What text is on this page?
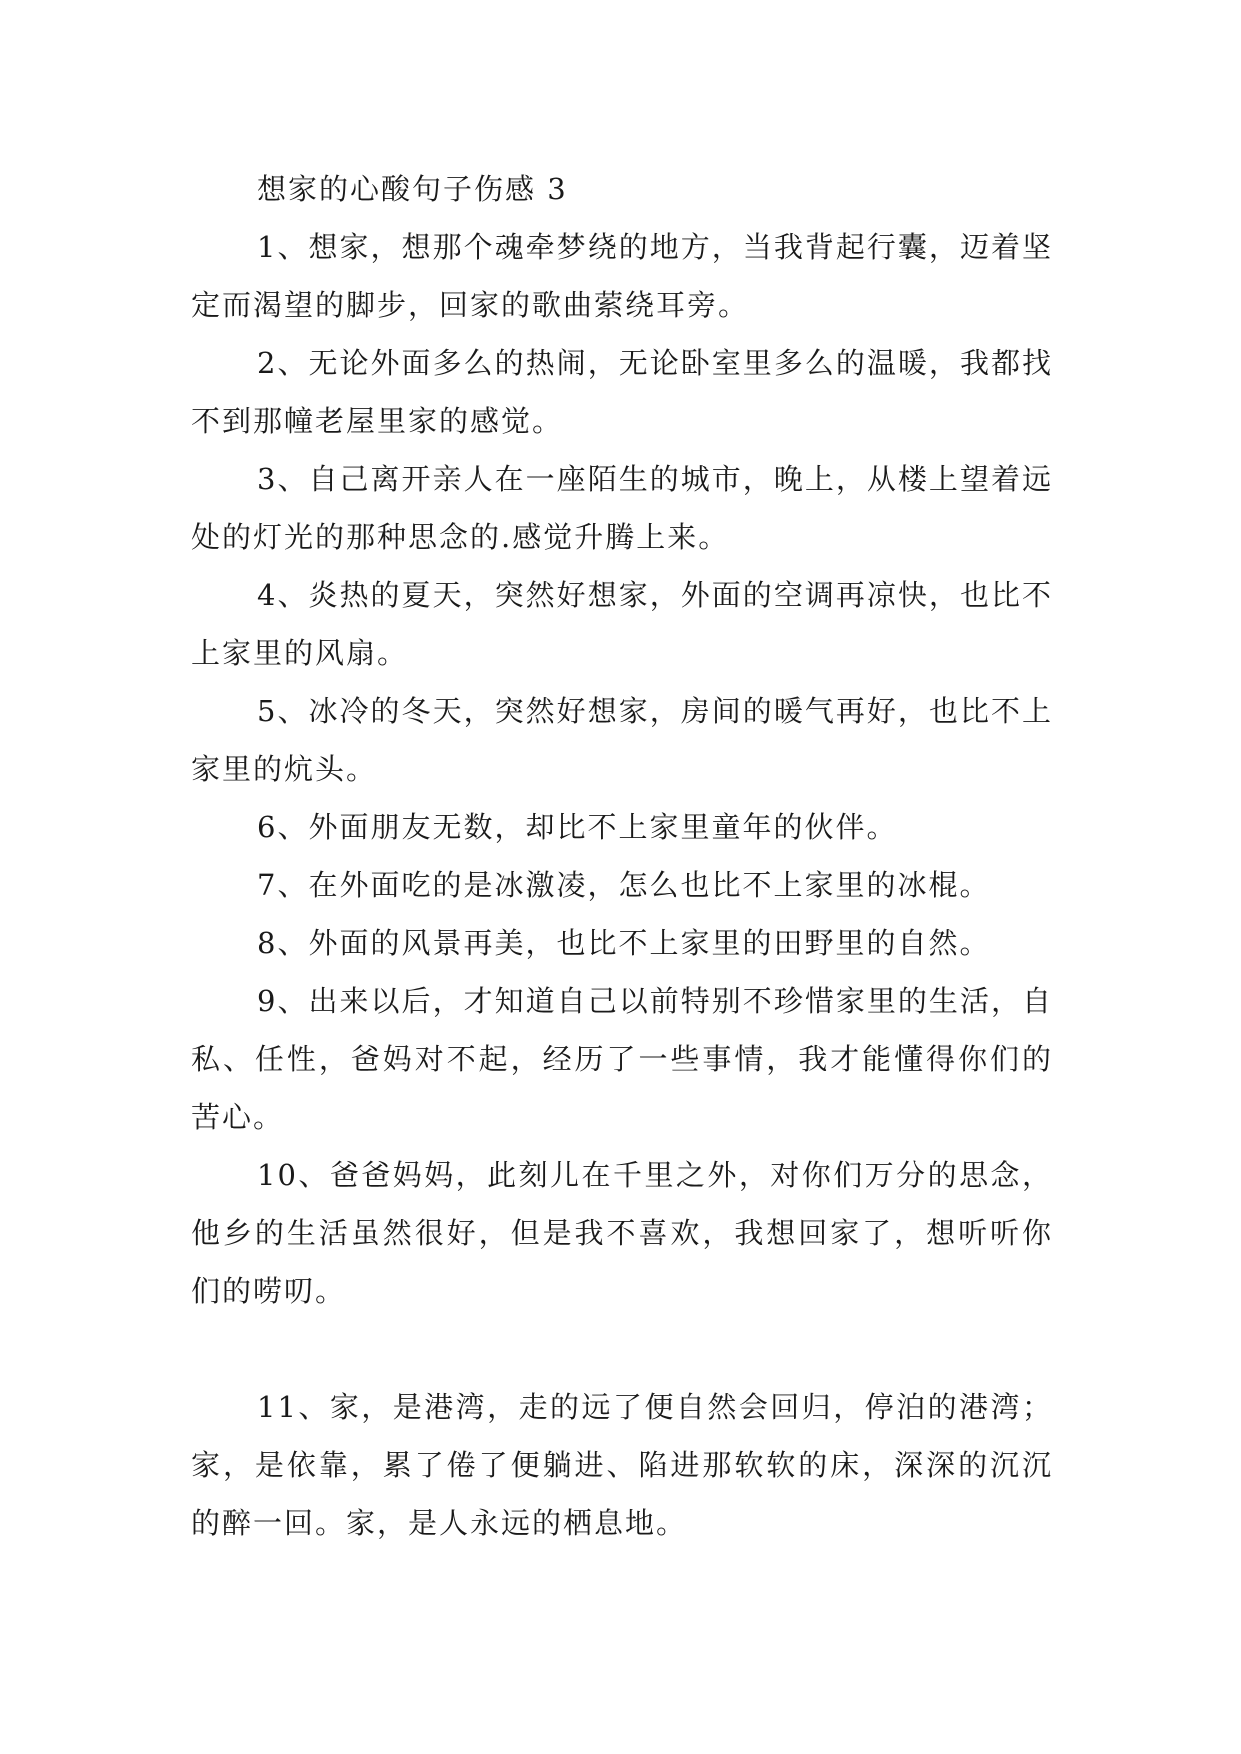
想家的心酸句子伤感 3

1、想家，想那个魂牵梦绕的地方，当我背起行囊，迈着坚定而渴望的脚步，回家的歌曲萦绕耳旁。

2、无论外面多么的热闹，无论卧室里多么的温暖，我都找不到那幢老屋里家的感觉。

3、自己离开亲人在一座陌生的城市，晚上，从楼上望着远处的灯光的那种思念的.感觉升腾上来。

4、炎热的夏天，突然好想家，外面的空调再凉快，也比不上家里的风扇。

5、冰冷的冬天，突然好想家，房间的暖气再好，也比不上家里的炕头。

6、外面朋友无数，却比不上家里童年的伙伴。

7、在外面吃的是冰激凌，怎么也比不上家里的冰棍。

8、外面的风景再美，也比不上家里的田野里的自然。

9、出来以后，才知道自己以前特别不珍惜家里的生活，自私、任性，爸妈对不起，经历了一些事情，我才能懂得你们的苦心。

10、爸爸妈妈，此刻儿在千里之外，对你们万分的思念，他乡的生活虽然很好，但是我不喜欢，我想回家了，想听听你们的唠叨。

11、家，是港湾，走的远了便自然会回归，停泊的港湾；家，是依靠，累了倦了便躺进、陷进那软软的床，深深的沉沉的醉一回。家，是人永远的栖息地。
